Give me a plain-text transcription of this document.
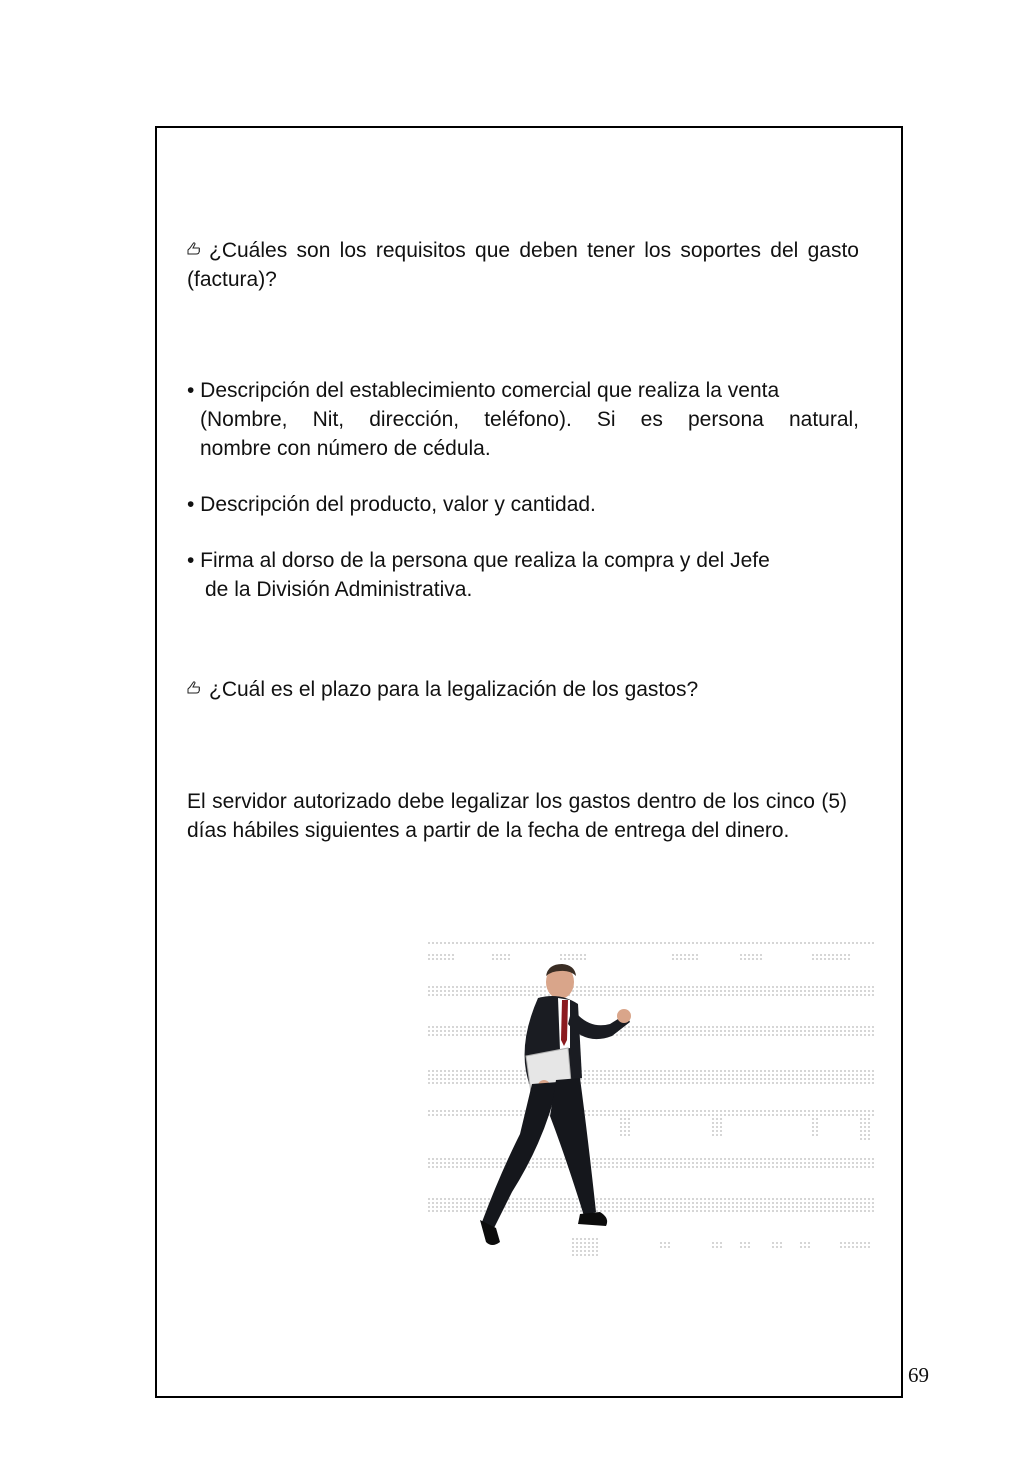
¿Cuáles son los requisitos que deben tener los soportes del gasto (factura)?
• Descripción del establecimiento comercial que realiza la venta
(Nombre, Nit, dirección, teléfono). Si es persona natural,
nombre con número de cédula.
• Descripción del producto, valor y cantidad.
• Firma al dorso de la persona que realiza la compra y del Jefe
de la División Administrativa.
¿Cuál es el plazo para la legalización de los gastos?
El servidor autorizado debe legalizar los gastos dentro de los cinco (5) días hábiles siguientes a partir de la fecha de entrega del dinero.
69
